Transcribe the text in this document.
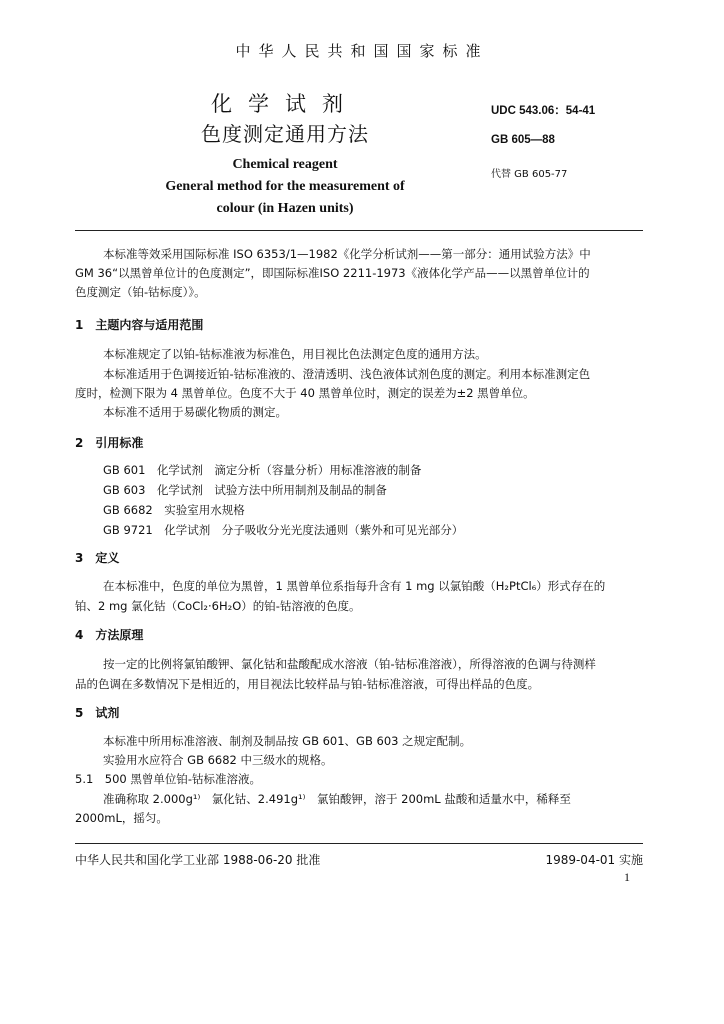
中华人民共和国国家标准
化学试剂
色度测定通用方法
Chemical reagent
General method for the measurement of
colour (in Hazen units)
UDC 543.06：54-41
GB 605—88
代替 GB 605-77
本标准等效采用国际标准 ISO 6353/1—1982《化学分析试剂——第一部分：通用试验方法》中
GM 36“以黑曾单位计的色度测定”，即国际标准ISO 2211-1973《液体化学产品——以黑曾单位计的
色度测定（铂-钴标度）》。
1　主题内容与适用范围
本标准规定了以铂-钴标准液为标准色，用目视比色法测定色度的通用方法。
本标准适用于色调接近铂-钴标准液的、澄清透明、浅色液体试剂色度的测定。利用本标准测定色
度时，检测下限为 4 黑曾单位。色度不大于 40 黑曾单位时，测定的误差为±2 黑曾单位。
本标准不适用于易碳化物质的测定。
2　引用标准
GB 601　化学试剂　滴定分析（容量分析）用标准溶液的制备
GB 603　化学试剂　试验方法中所用制剂及制品的制备
GB 6682　实验室用水规格
GB 9721　化学试剂　分子吸收分光光度法通则（紫外和可见光部分）
3　定义
在本标准中，色度的单位为黑曾，1 黑曾单位系指每升含有 1 mg 以氯铂酸（H₂PtCl₆）形式存在的
铂、2 mg 氯化钴（CoCl₂·6H₂O）的铂-钴溶液的色度。
4　方法原理
按一定的比例将氯铂酸钾、氯化钴和盐酸配成水溶液（铂-钴标准溶液），所得溶液的色调与待测样
品的色调在多数情况下是相近的，用目视法比较样品与铂-钴标准溶液，可得出样品的色度。
5　试剂
本标准中所用标准溶液、制剂及制品按 GB 601、GB 603 之规定配制。
实验用水应符合 GB 6682 中三级水的规格。
5.1　500 黑曾单位铂-钴标准溶液。
准确称取 2.000g¹⁾　氯化钴、2.491g¹⁾　氯铂酸钾，溶于 200mL 盐酸和适量水中，稀释至
2000mL，摇匀。
中华人民共和国化学工业部 1988-06-20 批准	1989-04-01 实施
1
